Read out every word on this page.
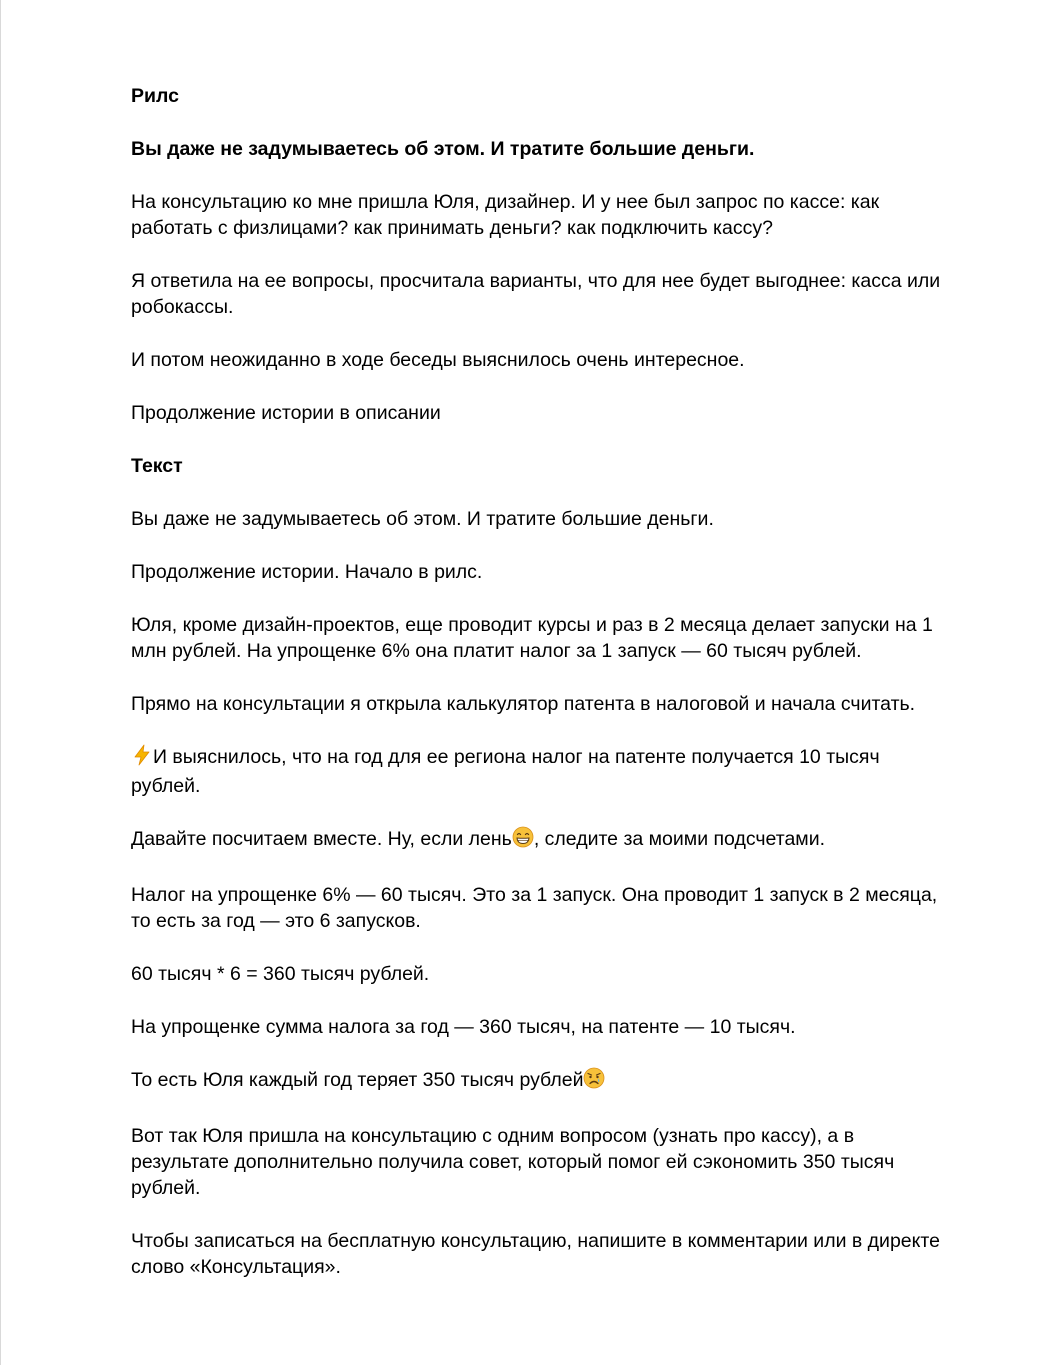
Рилс

Вы даже не задумываетесь об этом. И тратите большие деньги.

На консультацию ко мне пришла Юля, дизайнер. И у нее был запрос по кассе: как работать с физлицами? как принимать деньги? как подключить кассу?

Я ответила на ее вопросы, просчитала варианты, что для нее будет выгоднее: касса или робокассы.

И потом неожиданно в ходе беседы выяснилось очень интересное.

Продолжение истории в описании

Текст

Вы даже не задумываетесь об этом. И тратите большие деньги.

Продолжение истории. Начало в рилс.

Юля, кроме дизайн-проектов, еще проводит курсы и раз в 2 месяца делает запуски на 1 млн рублей. На упрощенке 6% она платит налог за 1 запуск — 60 тысяч рублей.

Прямо на консультации я открыла калькулятор патента в налоговой и начала считать.

И выяснилось, что на год для ее региона налог на патенте получается 10 тысяч рублей.

Давайте посчитаем вместе. Ну, если лень , следите за моими подсчетами.

Налог на упрощенке 6% — 60 тысяч. Это за 1 запуск. Она проводит 1 запуск в 2 месяца, то есть за год — это 6 запусков.

60 тысяч * 6 = 360 тысяч рублей.

На упрощенке сумма налога за год — 360 тысяч, на патенте — 10 тысяч.

То есть Юля каждый год теряет 350 тысяч рублей

Вот так Юля пришла на консультацию с одним вопросом (узнать про кассу), а в результате дополнительно получила совет, который помог ей сэкономить 350 тысяч рублей.

Чтобы записаться на бесплатную консультацию, напишите в комментарии или в директе слово «Консультация».
